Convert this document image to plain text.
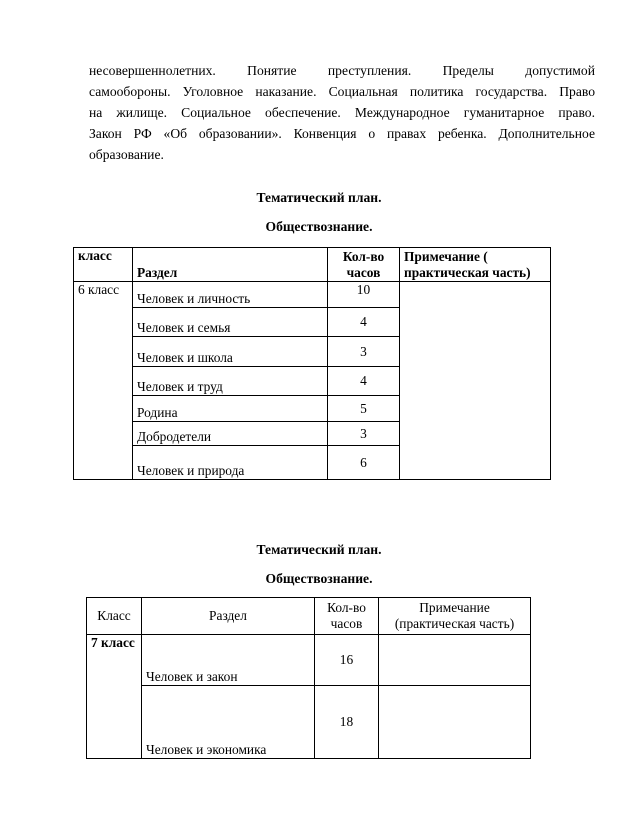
несовершеннолетних. Понятие преступления. Пределы допустимой

самообороны. Уголовное наказание. Социальная политика государства. Право

на жилище. Социальное обеспечение. Международное гуманитарное право.

Закон РФ «Об образовании». Конвенция о правах ребенка. Дополнительное

образование.

Тематический план.
Обществознание.
класс	Раздел	Кол-во часов	Примечание ( практическая часть)
6 класс	Человек и личность	10	
	Человек и семья	4	
	Человек и школа	3	
	Человек и труд	4	
	Родина	5	
	Добродетели	3	
	Человек и природа	6	
Тематический план.
Обществознание.
Класс	Раздел	Кол-во часов	Примечание (практическая часть)
7 класс	Человек и закон	16	
	Человек и экономика	18	
